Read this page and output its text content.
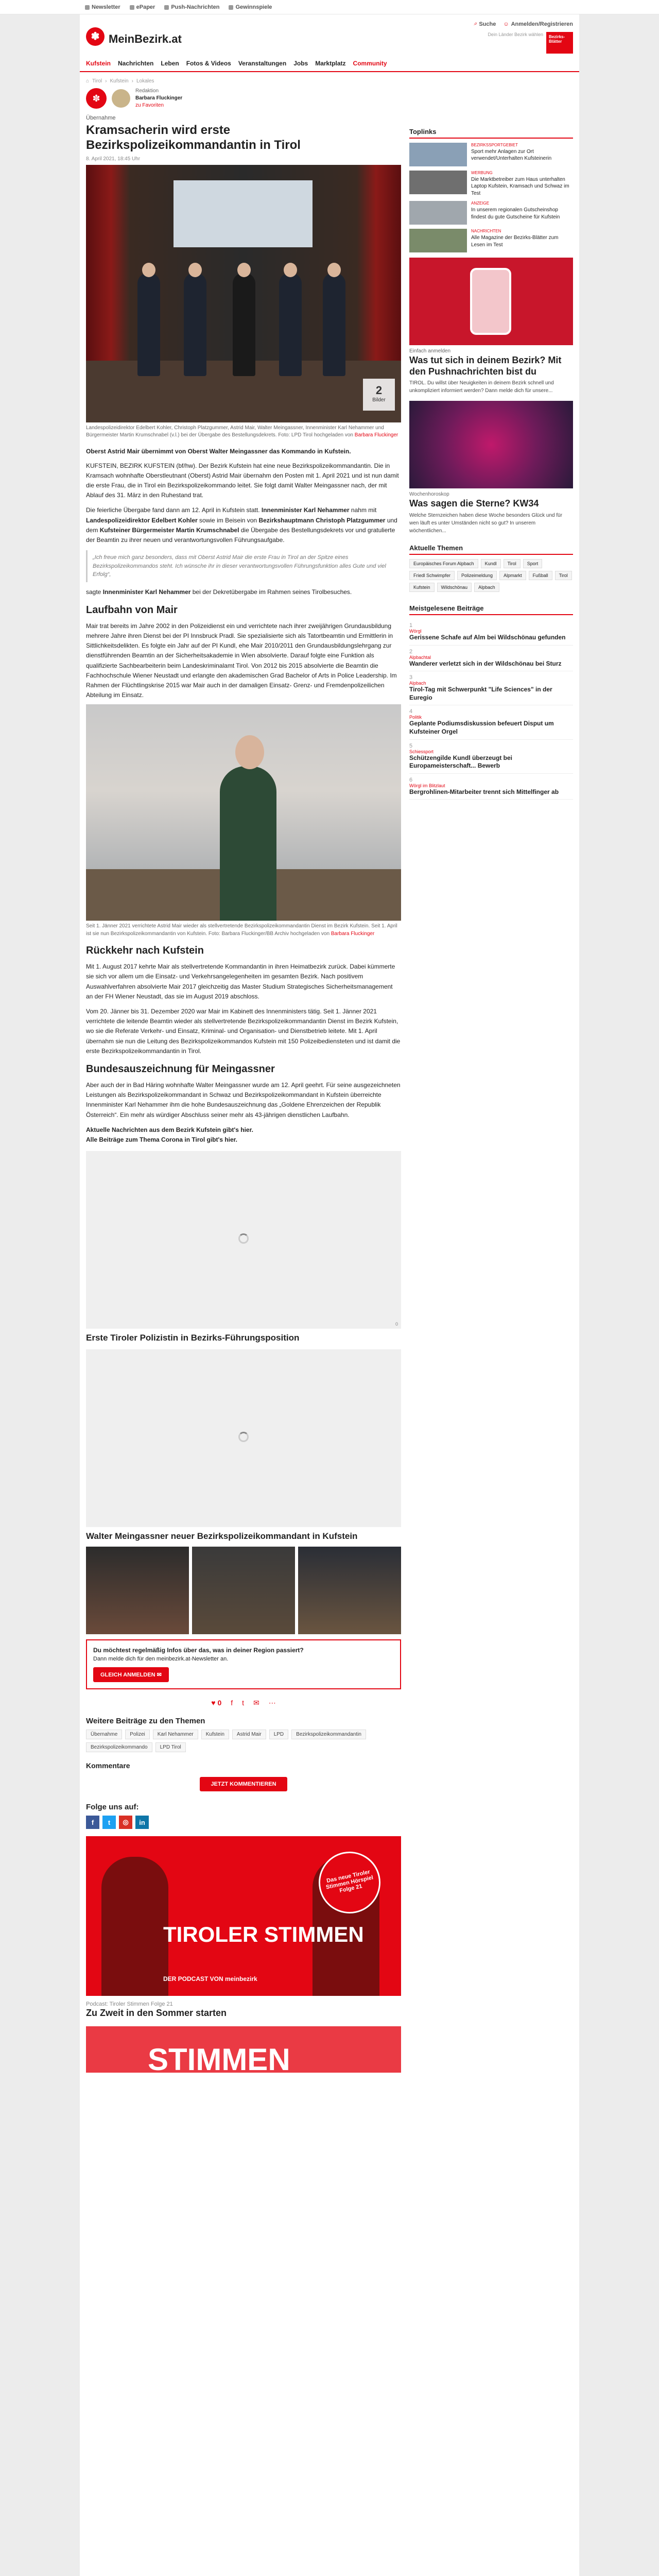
Newsletter	ePaper	Push-Nachrichten	Gewinnspiele
✽ MeinBezirk.at
⌕ Suche ☺ Anmelden/Registrieren
Dein Länder Bezirk wählen	Bezirks-Blätter
Kufstein Nachrichten Leben Fotos & Videos Veranstaltungen Jobs Marktplatz Community
⌂ Tirol › Kufstein › Lokales
✽
Redaktion
Barbara Fluckinger
zu Favoriten
Übernahme
Kramsacherin wird erste Bezirkspolizeikommandantin in Tirol
8. April 2021, 18:45 Uhr
2
Bilder
Landespolizeidirektor Edelbert Kohler, Christoph Platzgummer, Astrid Mair, Walter Meingassner, Innenminister Karl Nehammer und Bürgermeister Martin Krumschnabel (v.l.) bei der Übergabe des Bestellungsdekrets. Foto: LPD Tirol hochgeladen von Barbara Fluckinger
Oberst Astrid Mair übernimmt von Oberst Walter Meingassner das Kommando in Kufstein.

KUFSTEIN, BEZIRK KUFSTEIN (bf/hw). Der Bezirk Kufstein hat eine neue Bezirkspolizeikommandantin. Die in Kramsach wohnhafte Oberstleutnant (Oberst) Astrid Mair übernahm den Posten mit 1. April 2021 und ist nun damit die erste Frau, die in Tirol ein Bezirkspolizeikommando leitet. Sie folgt damit Walter Meingassner nach, der mit Ablauf des 31. März in den Ruhestand trat.

Die feierliche Übergabe fand dann am 12. April in Kufstein statt. Innenminister Karl Nehammer nahm mit Landespolizeidirektor Edelbert Kohler sowie im Beisein von Bezirkshauptmann Christoph Platzgummer und dem Kufsteiner Bürgermeister Martin Krumschnabel die Übergabe des Bestellungsdekrets vor und gratulierte der Beamtin zu ihrer neuen und verantwortungsvollen Führungsaufgabe.

„Ich freue mich ganz besonders, dass mit Oberst Astrid Mair die erste Frau in Tirol an der Spitze eines Bezirkspolizeikommandos steht. Ich wünsche ihr in dieser verantwortungsvollen Führungsfunktion alles Gute und viel Erfolg“,

sagte Innenminister Karl Nehammer bei der Dekretübergabe im Rahmen seines Tirolbesuches.

Laufbahn von Mair

Mair trat bereits im Jahre 2002 in den Polizeidienst ein und verrichtete nach ihrer zweijährigen Grundausbildung mehrere Jahre ihren Dienst bei der PI Innsbruck Pradl. Sie spezialisierte sich als Tatortbeamtin und Ermittlerin in Sittlichkeitsdelikten. Es folgte ein Jahr auf der PI Kundl, ehe Mair 2010/2011 den Grundausbildungslehrgang zur dienstführenden Beamtin an der Sicherheitsakademie in Wien absolvierte. Darauf folgte eine Funktion als qualifizierte Sachbearbeiterin beim Landeskriminalamt Tirol. Von 2012 bis 2015 absolvierte die Beamtin die Fachhochschule Wiener Neustadt und erlangte den akademischen Grad Bachelor of Arts in Police Leadership. Im Rahmen der Flüchtlingskrise 2015 war Mair auch in der damaligen Einsatz- Grenz- und Fremdenpolizeilichen Abteilung im Einsatz.

Seit 1. Jänner 2021 verrichtete Astrid Mair wieder als stellvertretende Bezirkspolizeikommandantin Dienst im Bezirk Kufstein. Seit 1. April ist sie nun Bezirkspolizeikommandantin von Kufstein. Foto: Barbara Fluckinger/BB Archiv hochgeladen von Barbara Fluckinger
Rückkehr nach Kufstein

Mit 1. August 2017 kehrte Mair als stellvertretende Kommandantin in ihren Heimatbezirk zurück. Dabei kümmerte sie sich vor allem um die Einsatz- und Verkehrsangelegenheiten im gesamten Bezirk. Nach positivem Auswahlverfahren absolvierte Mair 2017 gleichzeitig das Master Studium Strategisches Sicherheitsmanagement an der FH Wiener Neustadt, das sie im August 2019 abschloss.

Vom 20. Jänner bis 31. Dezember 2020 war Mair im Kabinett des Innenministers tätig. Seit 1. Jänner 2021 verrichtete die leitende Beamtin wieder als stellvertretende Bezirkspolizeikommandantin Dienst im Bezirk Kufstein, wo sie die Referate Verkehr- und Einsatz, Kriminal- und Organisation- und Dienstbetrieb leitete. Mit 1. April übernahm sie nun die Leitung des Bezirkspolizeikommandos Kufstein mit 150 Polizeibediensteten und ist damit die erste Bezirkspolizeikommandantin in Tirol.

Bundesauszeichnung für Meingassner

Aber auch der in Bad Häring wohnhafte Walter Meingassner wurde am 12. April geehrt. Für seine ausgezeichneten Leistungen als Bezirkspolizeikommandant in Schwaz und Bezirkspolizeikommandant in Kufstein überreichte Innenminister Karl Nehammer ihm die hohe Bundesauszeichnung das „Goldene Ehrenzeichen der Republik Österreich“. Ein mehr als würdiger Abschluss seiner mehr als 43-jährigen dienstlichen Laufbahn.

Aktuelle Nachrichten aus dem Bezirk Kufstein gibt's hier.
Alle Beiträge zum Thema Corona in Tirol gibt's hier.

0
Erste Tiroler Polizistin in Bezirks-Führungsposition
Walter Meingassner neuer Bezirkspolizeikommandant in Kufstein
Du möchtest regelmäßig Infos über das, was in deiner Region passiert?
Dann melde dich für den meinbezirk.at-Newsletter an.
GLEICH ANMELDEN ✉
♥ 0 f t ✉ ⋯
Weitere Beiträge zu den Themen
Übernahme	Polizei	Karl Nehammer	Kufstein	Astrid Mair	LPD	Bezirkspolizeikommandantin
Bezirkspolizeikommando	LPD Tirol
Kommentare
JETZT KOMMENTIEREN
Folge uns auf:
f	t	◎	in
TIROLER STIMMEN
DER PODCAST VON meinbezirk
Das neue Tiroler Stimmen Hörspiel Folge 21
Podcast: Tiroler Stimmen Folge 21
Zu Zweit in den Sommer starten
STIMMEN
Toplinks
BEZIRKSSPORTGEBIET
Sport mehr Anlagen zur Ort verwendet/Unterhalten Kufsteinerin
WERBUNG
Die Marktbetreiber zum Haus unterhalten Laptop Kufstein, Kramsach und Schwaz im Test
ANZEIGE
In unserem regionalen Gutscheinshop findest du gute Gutscheine für Kufstein
NACHRICHTEN
Alle Magazine der Bezirks-Blätter zum Lesen im Test
Einfach anmelden
Was tut sich in deinem Bezirk? Mit den Pushnachrichten bist du
TIROL. Du willst über Neuigkeiten in deinem Bezirk schnell und unkompliziert informiert werden? Dann melde dich für unsere...
Wochenhoroskop
Was sagen die Sterne? KW34
Welche Sternzeichen haben diese Woche besonders Glück und für wen läuft es unter Umständen nicht so gut? In unserem wöchentlichen...
Aktuelle Themen
Europäisches Forum Alpbach	Kundl	Tirol	Sport
Friedl Schwimpfer	Polizeimeldung	Alpmarkt	Fußball	Tirol
Kufstein	Wildschönau	Alpbach
Meistgelesene Beiträge
1
Wörgl
Gerissene Schafe auf Alm bei Wildschönau gefunden
2
Alpbachtal
Wanderer verletzt sich in der Wildschönau bei Sturz
3
Alpbach
Tirol-Tag mit Schwerpunkt "Life Sciences" in der Euregio
4
Politik
Geplante Podiumsdiskussion befeuert Disput um Kufsteiner Orgel
5
Schiessport
Schützengilde Kundl überzeugt bei Europameisterschaft... Bewerb
6
Wörgl im Blitzlaut
Bergrohlinen-Mitarbeiter trennt sich Mittelfinger ab
